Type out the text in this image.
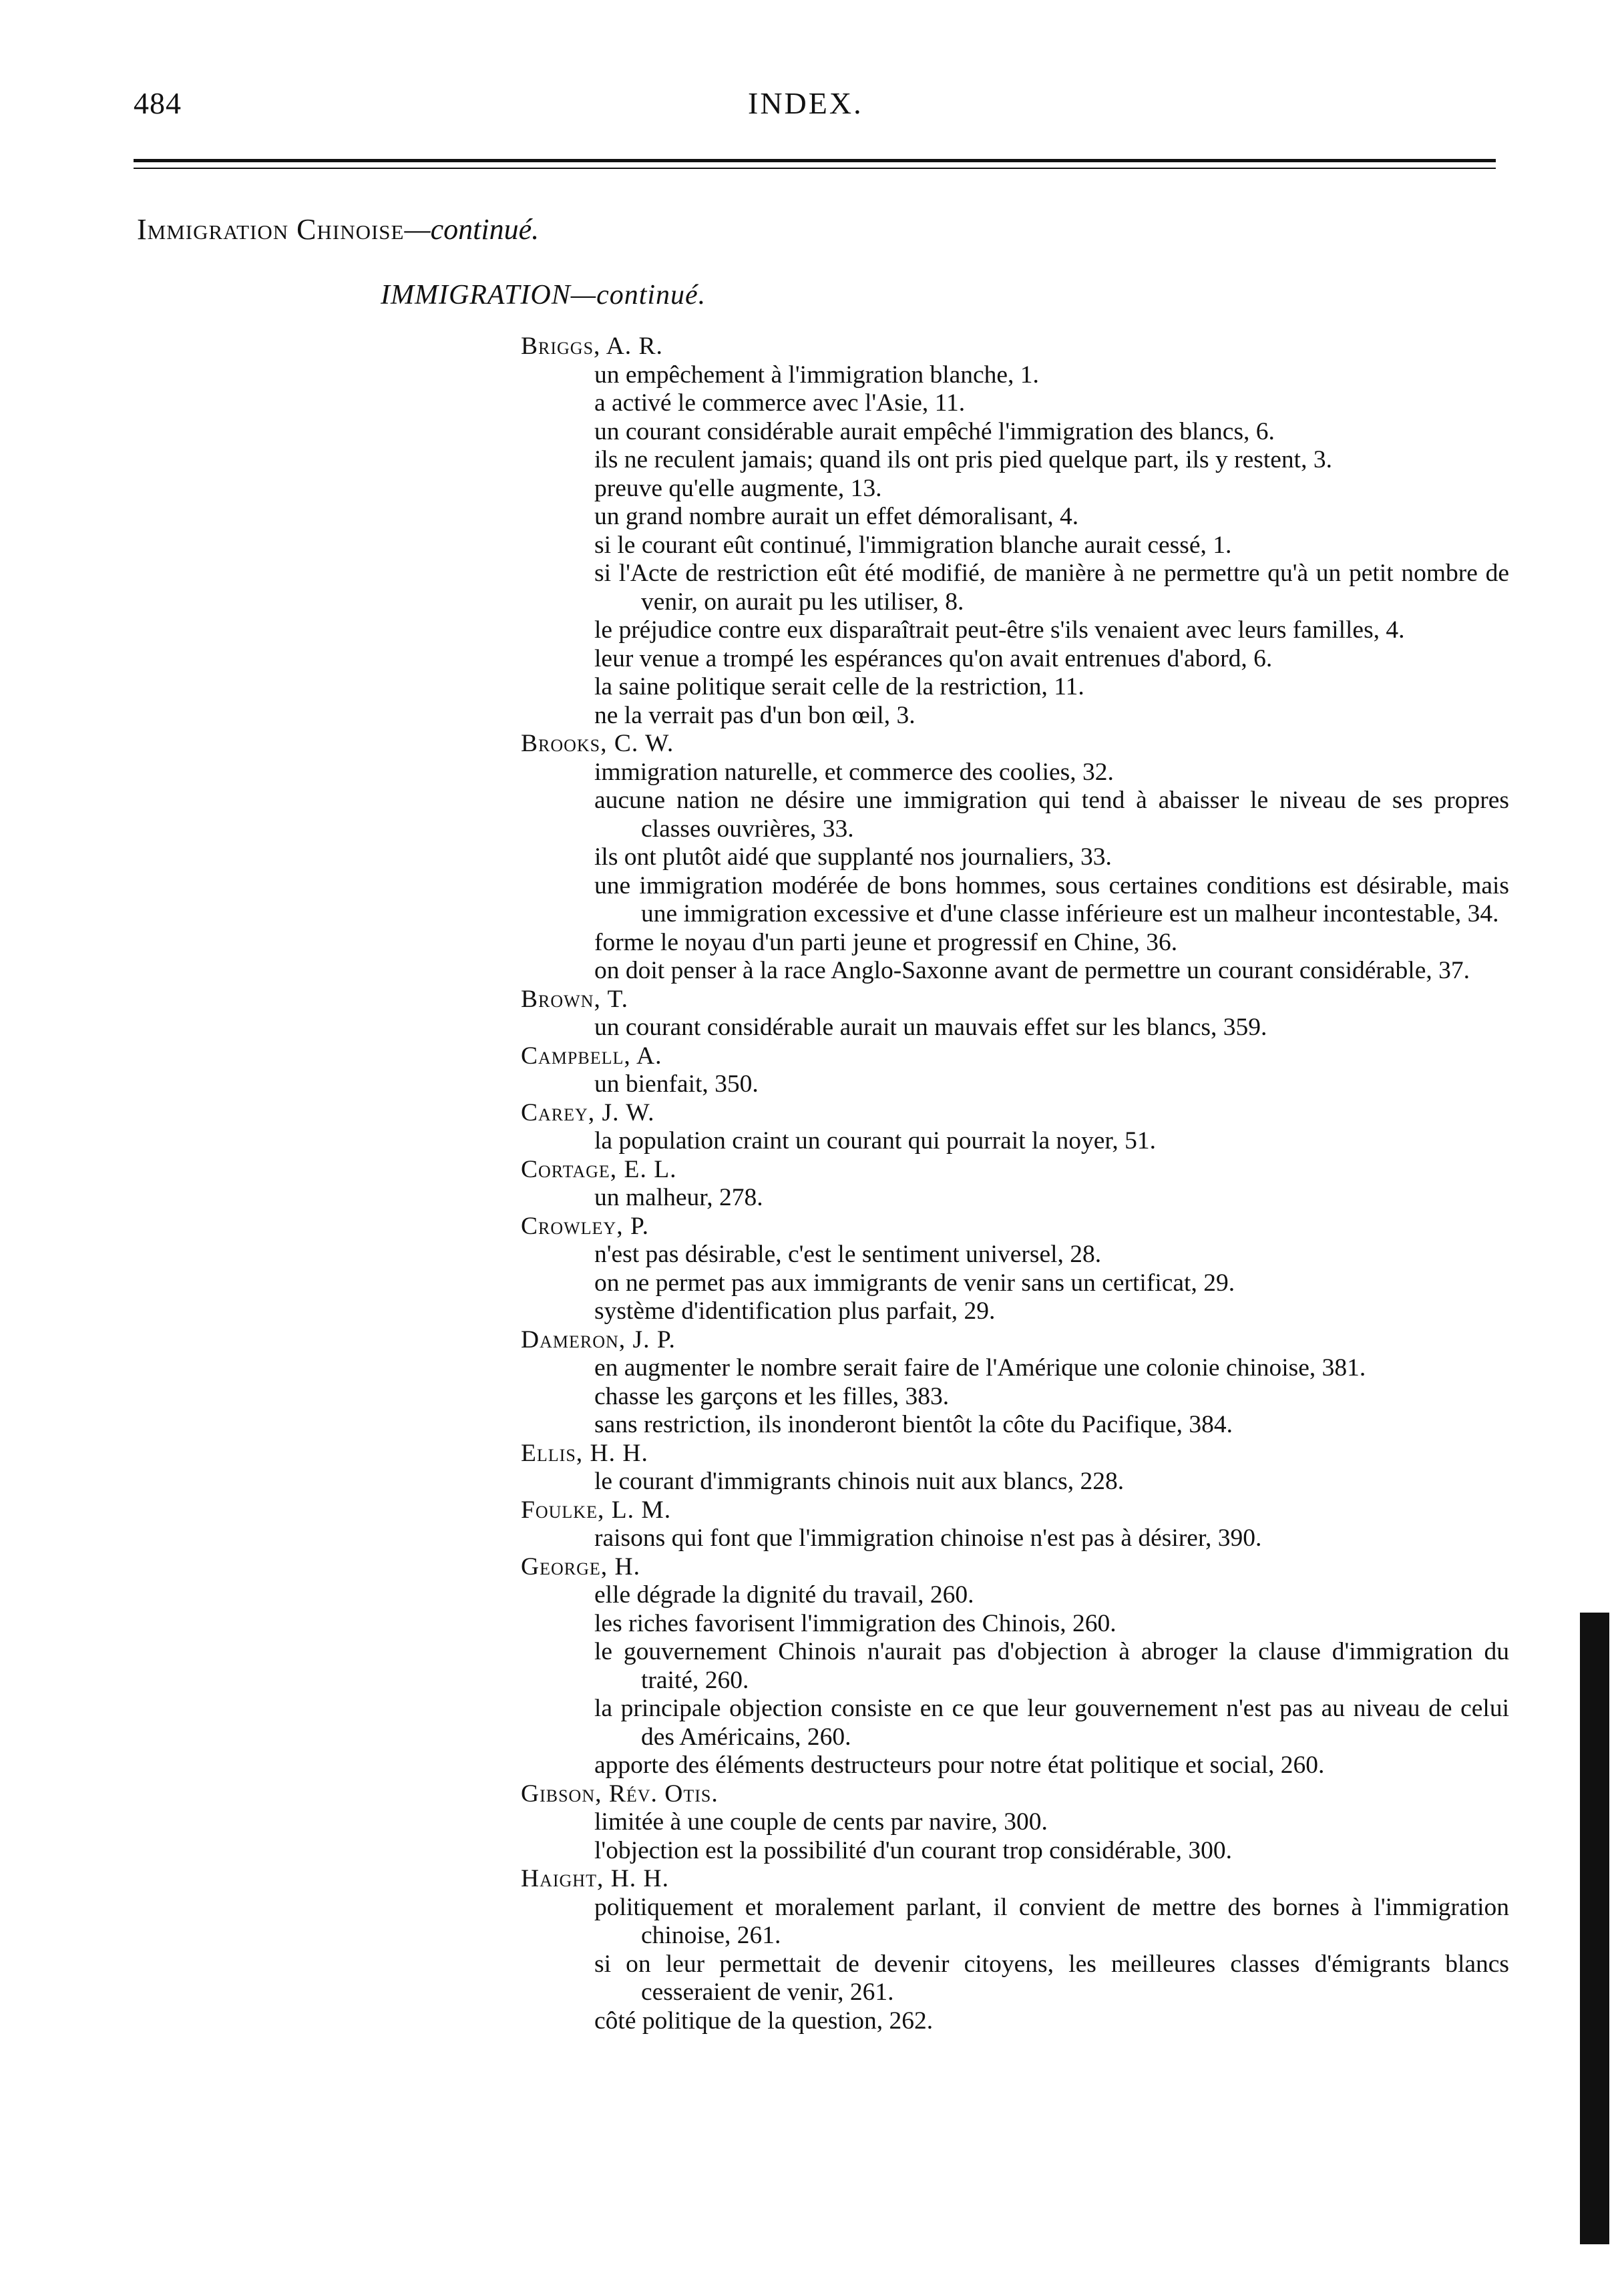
484	INDEX.
Immigration Chinoise—continué.
IMMIGRATION—continué.
Briggs, A. R.
un empêchement à l'immigration blanche, 1.
a activé le commerce avec l'Asie, 11.
un courant considérable aurait empêché l'immigration des blancs, 6.
ils ne reculent jamais; quand ils ont pris pied quelque part, ils y restent, 3.
preuve qu'elle augmente, 13.
un grand nombre aurait un effet démoralisant, 4.
si le courant eût continué, l'immigration blanche aurait cessé, 1.
si l'Acte de restriction eût été modifié, de manière à ne permettre qu'à un petit nombre de venir, on aurait pu les utiliser, 8.
le préjudice contre eux disparaîtrait peut-être s'ils venaient avec leurs familles, 4.
leur venue a trompé les espérances qu'on avait entrenues d'abord, 6.
la saine politique serait celle de la restriction, 11.
ne la verrait pas d'un bon œil, 3.
Brooks, C. W.
immigration naturelle, et commerce des coolies, 32.
aucune nation ne désire une immigration qui tend à abaisser le niveau de ses propres classes ouvrières, 33.
ils ont plutôt aidé que supplanté nos journaliers, 33.
une immigration modérée de bons hommes, sous certaines conditions est désirable, mais une immigration excessive et d'une classe inférieure est un malheur incontestable, 34.
forme le noyau d'un parti jeune et progressif en Chine, 36.
on doit penser à la race Anglo-Saxonne avant de permettre un courant considérable, 37.
Brown, T.
un courant considérable aurait un mauvais effet sur les blancs, 359.
Campbell, A.
un bienfait, 350.
Carey, J. W.
la population craint un courant qui pourrait la noyer, 51.
Cortage, E. L.
un malheur, 278.
Crowley, P.
n'est pas désirable, c'est le sentiment universel, 28.
on ne permet pas aux immigrants de venir sans un certificat, 29.
système d'identification plus parfait, 29.
Dameron, J. P.
en augmenter le nombre serait faire de l'Amérique une colonie chinoise, 381.
chasse les garçons et les filles, 383.
sans restriction, ils inonderont bientôt la côte du Pacifique, 384.
Ellis, H. H.
le courant d'immigrants chinois nuit aux blancs, 228.
Foulke, L. M.
raisons qui font que l'immigration chinoise n'est pas à désirer, 390.
George, H.
elle dégrade la dignité du travail, 260.
les riches favorisent l'immigration des Chinois, 260.
le gouvernement Chinois n'aurait pas d'objection à abroger la clause d'immigration du traité, 260.
la principale objection consiste en ce que leur gouvernement n'est pas au niveau de celui des Américains, 260.
apporte des éléments destructeurs pour notre état politique et social, 260.
Gibson, Rév. Otis.
limitée à une couple de cents par navire, 300.
l'objection est la possibilité d'un courant trop considérable, 300.
Haight, H. H.
politiquement et moralement parlant, il convient de mettre des bornes à l'immigration chinoise, 261.
si on leur permettait de devenir citoyens, les meilleures classes d'émigrants blancs cesseraient de venir, 261.
côté politique de la question, 262.
